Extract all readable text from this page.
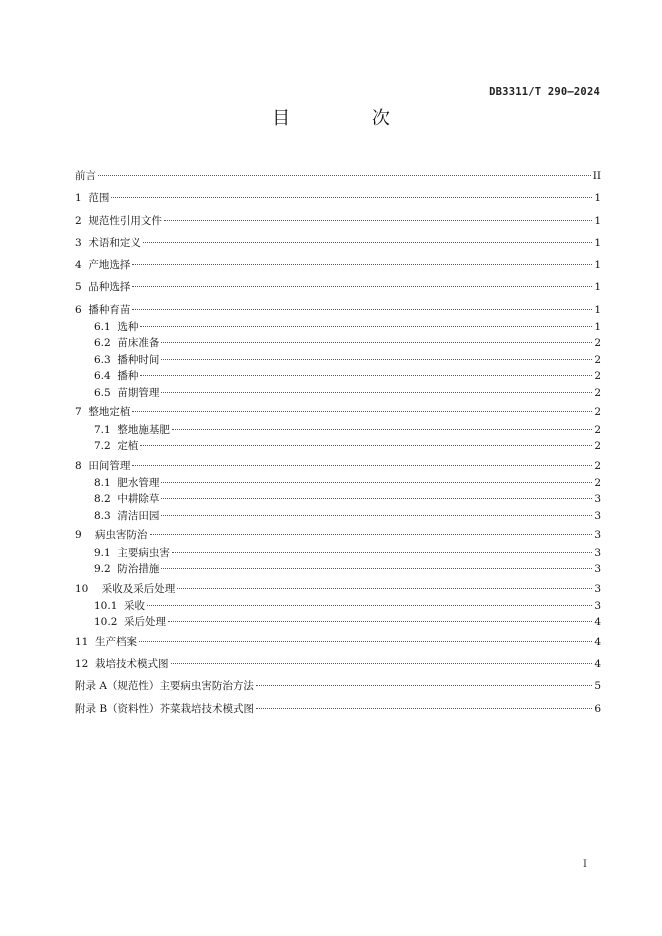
DB3311/T 290—2024
目 次
前言	II
1  范围	1
2  规范性引用文件	1
3  术语和定义	1
4  产地选择	1
5  品种选择	1
6  播种育苗	1
6.1  选种	1
6.2  苗床准备	2
6.3  播种时间	2
6.4  播种	2
6.5  苗期管理	2
7  整地定植	2
7.1  整地施基肥	2
7.2  定植	2
8  田间管理	2
8.1  肥水管理	2
8.2  中耕除草	3
8.3  清洁田园	3
9    病虫害防治	3
9.1  主要病虫害	3
9.2  防治措施	3
10    采收及采后处理	3
10.1  采收	3
10.2  采后处理	4
11  生产档案	4
12  栽培技术模式图	4
附录 A（规范性）主要病虫害防治方法	5
附录 B（资料性）芥菜栽培技术模式图	6
I
